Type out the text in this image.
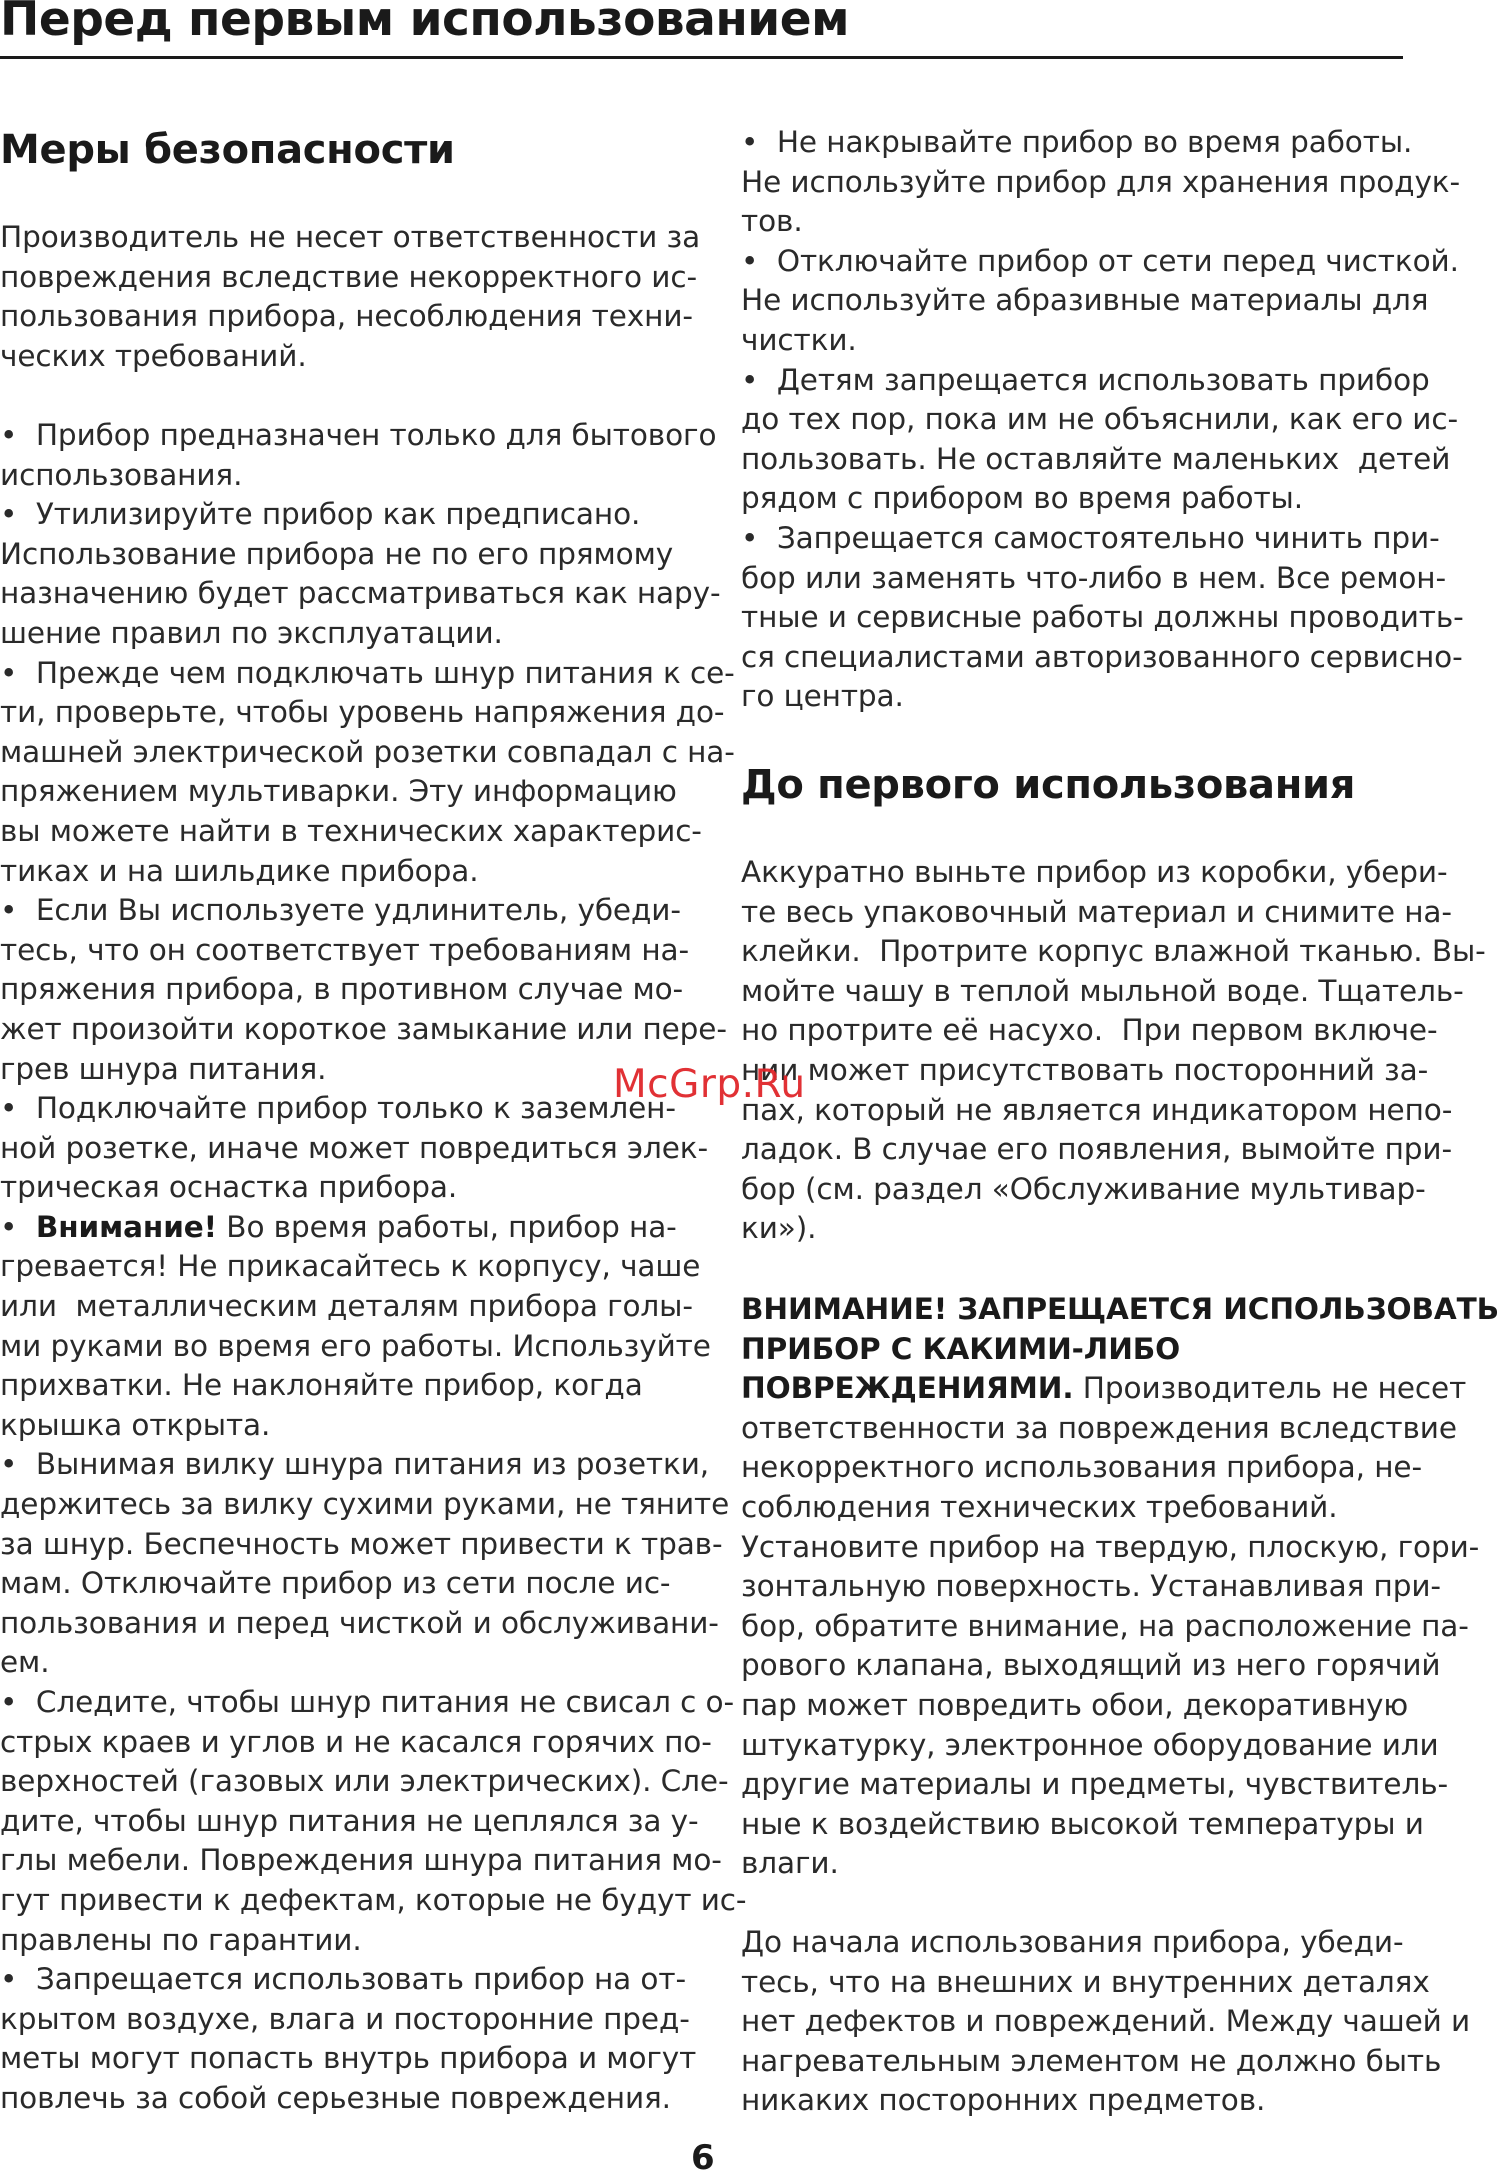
Перед первым использованием
Меры безопасности

Производитель не несет ответственности за

повреждения вследствие некорректного ис-

пользования прибора, несоблюдения техни-

ческих требований.

•  Прибор предназначен только для бытового

использования.

•  Утилизируйте прибор как предписано.

Использование прибора не по его прямому

назначению будет рассматриваться как нару-

шение правил по эксплуатации.

•  Прежде чем подключать шнур питания к се-

ти, проверьте, чтобы уровень напряжения до-

машней электрической розетки совпадал с на-

пряжением мультиварки. Эту информацию

вы можете найти в технических характерис-

тиках и на шильдике прибора.

•  Если Вы используете удлинитель, убеди-

тесь, что он соответствует требованиям на-

пряжения прибора, в противном случае мо-

жет произойти короткое замыкание или пере-

грев шнура питания.

•  Подключайте прибор только к заземлен-

ной розетке, иначе может повредиться элек-

трическая оснастка прибора.

•  Внимание! Во время работы, прибор на-

гревается! Не прикасайтесь к корпусу, чаше

или  металлическим деталям прибора голы-

ми руками во время его работы. Используйте

прихватки. Не наклоняйте прибор, когда

крышка открыта.

•  Вынимая вилку шнура питания из розетки,

держитесь за вилку сухими руками, не тяните

за шнур. Беспечность может привести к трав-

мам. Отключайте прибор из сети после ис-

пользования и перед чисткой и обслуживани-

ем.

•  Следите, чтобы шнур питания не свисал с о-

стрых краев и углов и не касался горячих по-

верхностей (газовых или электрических). Сле-

дите, чтобы шнур питания не цеплялся за у-

глы мебели. Повреждения шнура питания мо-

гут привести к дефектам, которые не будут ис-

правлены по гарантии.

•  Запрещается использовать прибор на от-

крытом воздухе, влага и посторонние пред-

меты могут попасть внутрь прибора и могут

повлечь за собой серьезные повреждения.

•  Не накрывайте прибор во время работы.

Не используйте прибор для хранения продук-

тов.

•  Отключайте прибор от сети перед чисткой.

Не используйте абразивные материалы для

чистки.

•  Детям запрещается использовать прибор

до тех пор, пока им не объяснили, как его ис-

пользовать. Не оставляйте маленьких  детей

рядом с прибором во время работы.

•  Запрещается самостоятельно чинить при-

бор или заменять что-либо в нем. Все ремон-

тные и сервисные работы должны проводить-

ся специалистами авторизованного сервисно-

го центра.

До первого использования

Аккуратно выньте прибор из коробки, убери-

те весь упаковочный материал и снимите на-

клейки.  Протрите корпус влажной тканью. Вы-

мойте чашу в теплой мыльной воде. Тщатель-

но протрите её насухо.  При первом включе-

нии может присутствовать посторонний за-

пах, который не является индикатором непо-

ладок. В случае его появления, вымойте при-

бор (см. раздел «Обслуживание мультивар-

ки»).

ВНИМАНИЕ! ЗАПРЕЩАЕТСЯ ИСПОЛЬЗОВАТЬ

ПРИБОР С КАКИМИ-ЛИБО

ПОВРЕЖДЕНИЯМИ. Производитель не несет

ответственности за повреждения вследствие

некорректного использования прибора, не-

соблюдения технических требований.

Установите прибор на твердую, плоскую, гори-

зонтальную поверхность. Устанавливая при-

бор, обратите внимание, на расположение па-

рового клапана, выходящий из него горячий

пар может повредить обои, декоративную

штукатурку, электронное оборудование или

другие материалы и предметы, чувствитель-

ные к воздействию высокой температуры и

влаги.

До начала использования прибора, убеди-

тесь, что на внешних и внутренних деталях

нет дефектов и повреждений. Между чашей и

нагревательным элементом не должно быть

никаких посторонних предметов.

McGrp.Ru
6
